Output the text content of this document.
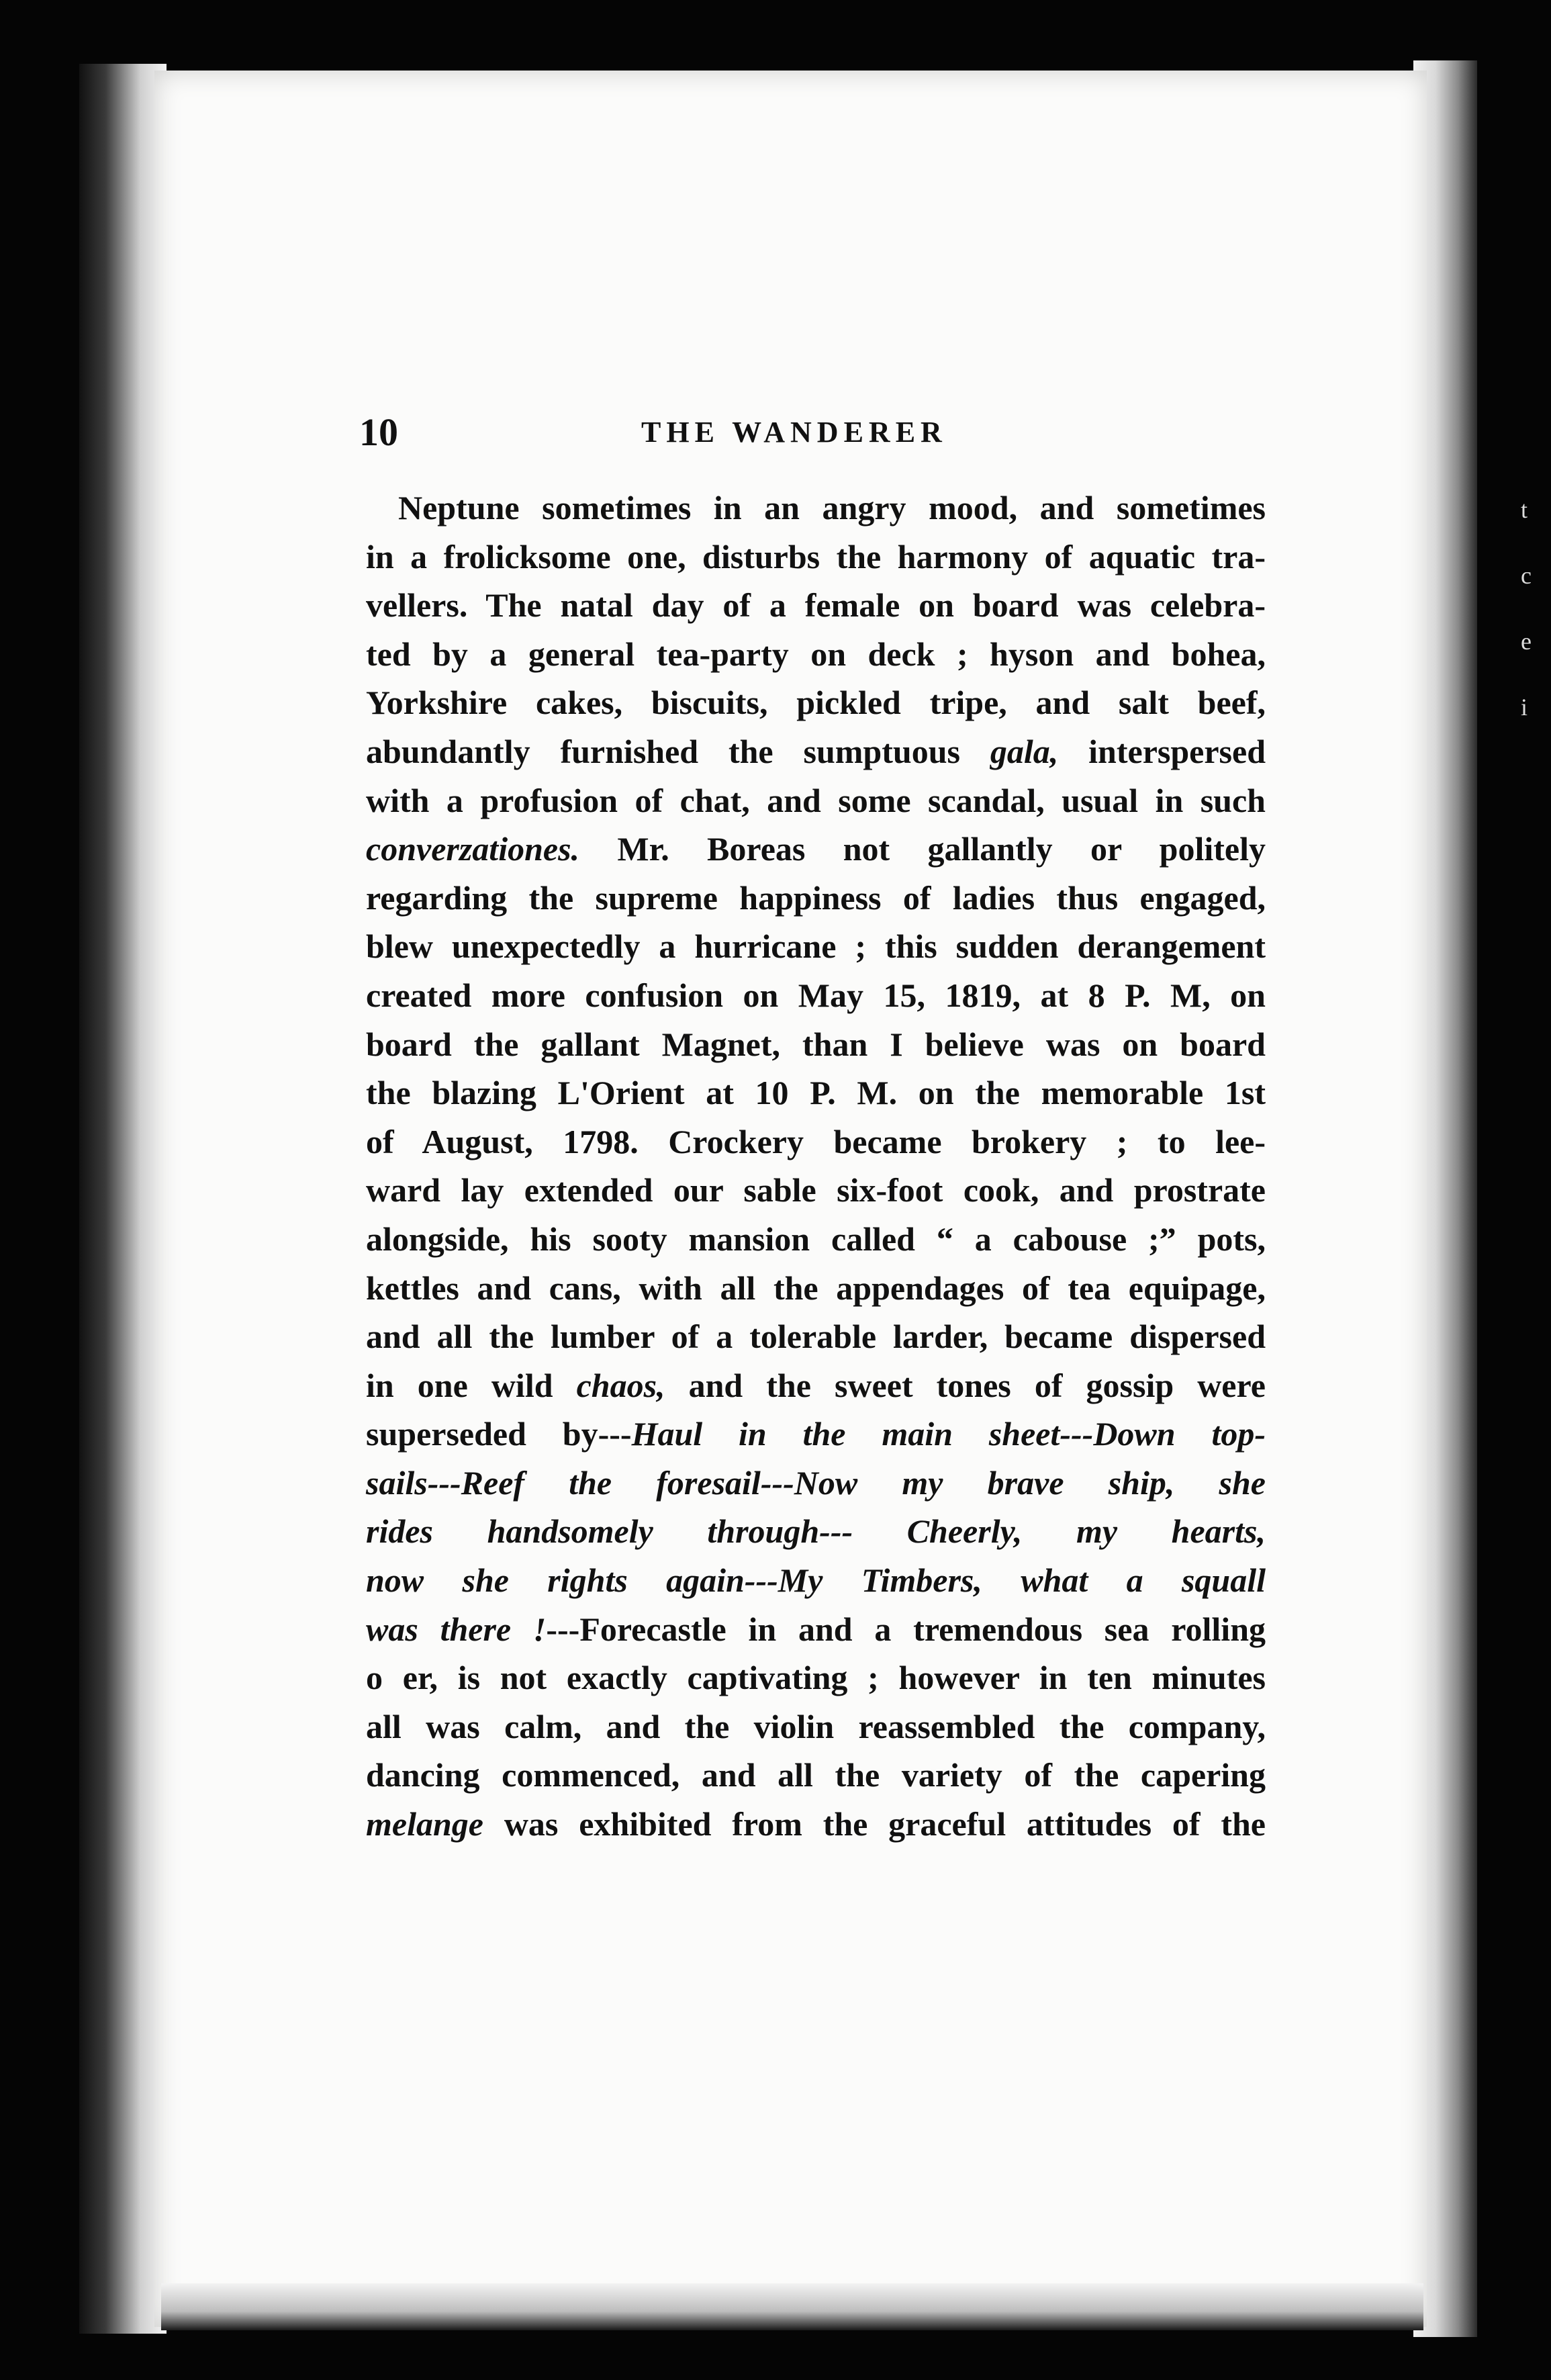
t
c
e
i
10	THE WANDERER
Neptune sometimes in an angry mood, and sometimes
in a frolicksome one, disturbs the harmony of aquatic tra-
vellers. The natal day of a female on board was celebra-
ted by a general tea-party on deck ; hyson and bohea,
Yorkshire cakes, biscuits, pickled tripe, and salt beef,
abundantly furnished the sumptuous gala, interspersed
with a profusion of chat, and some scandal, usual in such
converzationes. Mr. Boreas not gallantly or politely
regarding the supreme happiness of ladies thus engaged,
blew unexpectedly a hurricane ; this sudden derangement
created more confusion on May 15, 1819, at 8 P. M, on
board the gallant Magnet, than I believe was on board
the blazing L'Orient at 10 P. M. on the memorable 1st
of August, 1798. Crockery became brokery ; to lee-
ward lay extended our sable six-foot cook, and prostrate
alongside, his sooty mansion called “ a cabouse ;” pots,
kettles and cans, with all the appendages of tea equipage,
and all the lumber of a tolerable larder, became dispersed
in one wild chaos, and the sweet tones of gossip were
superseded by---Haul in the main sheet---Down top-
sails---Reef the foresail---Now my brave ship, she
rides handsomely through--- Cheerly, my hearts,
now she rights again---My Timbers, what a squall
was there !---Forecastle in and a tremendous sea rolling
o er, is not exactly captivating ; however in ten minutes
all was calm, and the violin reassembled the company,
dancing commenced, and all the variety of the capering
melange was exhibited from the graceful attitudes of the
